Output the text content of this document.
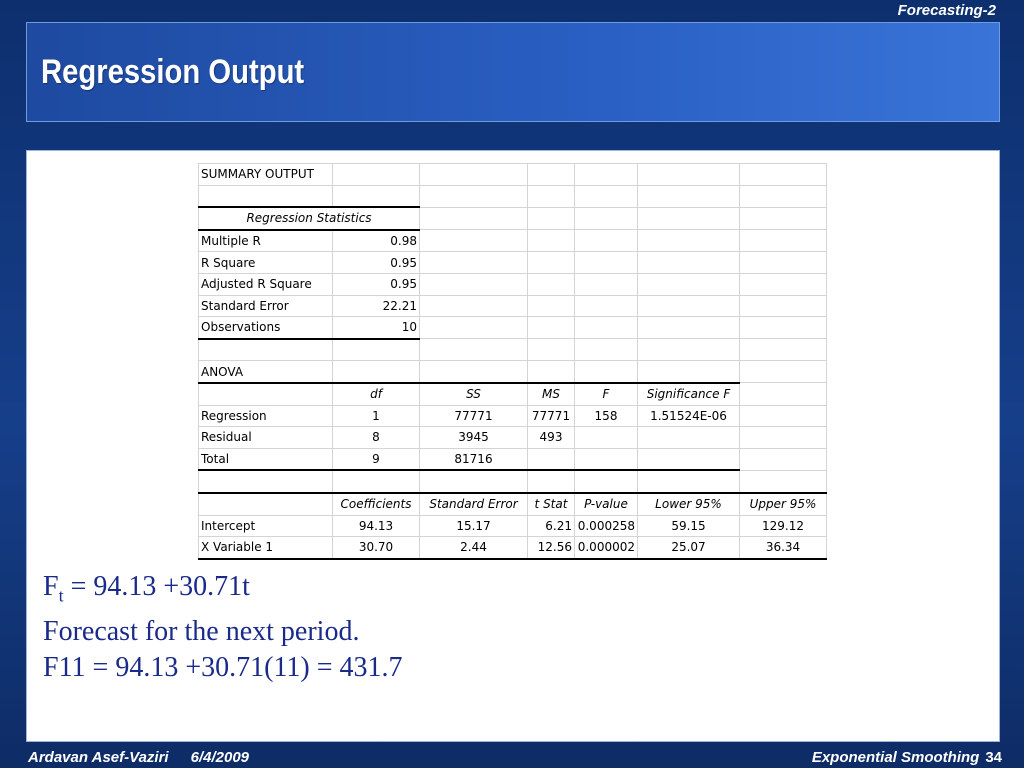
Forecasting-2
Regression Output
SUMMARY OUTPUT						

Regression Statistics						
Multiple R	0.98					
R Square	0.95					
Adjusted R Square	0.95					
Standard Error	22.21					
Observations	10					

ANOVA						
	df	SS	MS	F	Significance F	
Regression	1	77771	77771	158	1.51524E-06	
Residual	8	3945	493			
Total	9	81716				

	Coefficients	Standard Error	t Stat	P-value	Lower 95%	Upper 95%
Intercept	94.13	15.17	6.21	0.000258	59.15	129.12
X Variable 1	30.70	2.44	12.56	0.000002	25.07	36.34
$F_t = 94.13 +30.71t$
Forecast for the next period.
F11 = 94.13 +30.71(11) = 431.7
Ardavan Asef-Vaziri 6/4/2009	Exponential Smoothing 34
